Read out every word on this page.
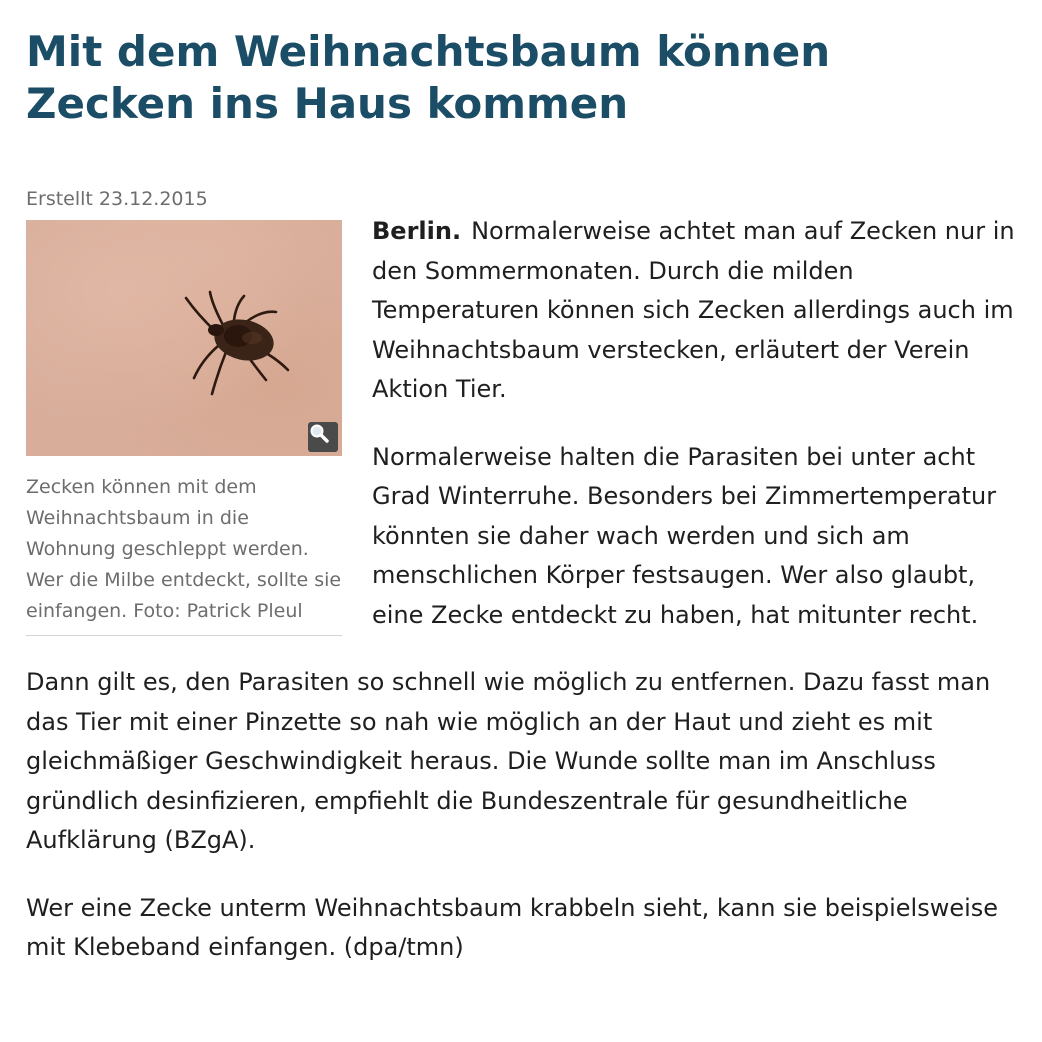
Mit dem Weihnachtsbaum können Zecken ins Haus kommen
Erstellt 23.12.2015
Zecken können mit dem Weihnachtsbaum in die Wohnung geschleppt werden. Wer die Milbe entdeckt, sollte sie einfangen. Foto: Patrick Pleul

Berlin. Normalerweise achtet man auf Zecken nur in den Sommermonaten. Durch die milden Temperaturen können sich Zecken allerdings auch im Weihnachtsbaum verstecken, erläutert der Verein Aktion Tier.

Normalerweise halten die Parasiten bei unter acht Grad Winterruhe. Besonders bei Zimmertemperatur könnten sie daher wach werden und sich am menschlichen Körper festsaugen. Wer also glaubt, eine Zecke entdeckt zu haben, hat mitunter recht.

Dann gilt es, den Parasiten so schnell wie möglich zu entfernen. Dazu fasst man das Tier mit einer Pinzette so nah wie möglich an der Haut und zieht es mit gleichmäßiger Geschwindigkeit heraus. Die Wunde sollte man im Anschluss gründlich desinfizieren, empfiehlt die Bundeszentrale für gesundheitliche Aufklärung (BZgA).

Wer eine Zecke unterm Weihnachtsbaum krabbeln sieht, kann sie beispielsweise mit Klebeband einfangen. (dpa/tmn)
